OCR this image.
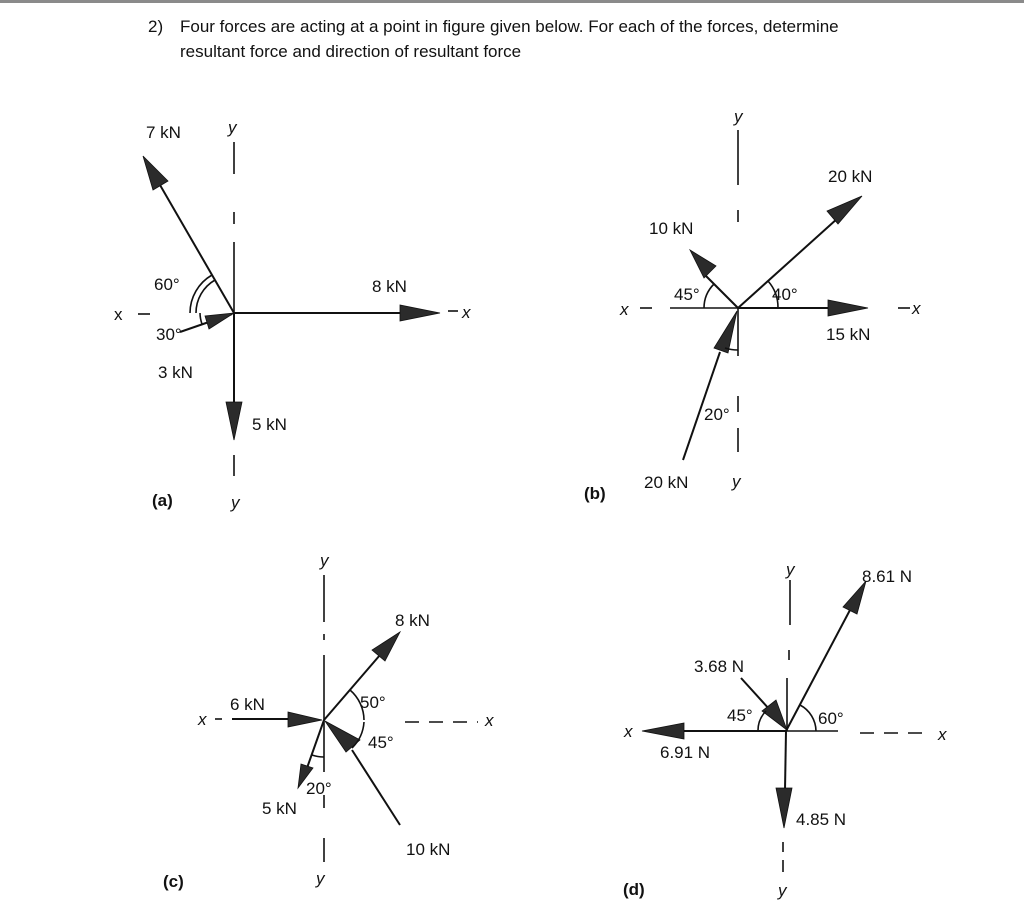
2) Four forces are acting at a point in figure given below. For each of the forces, determine
resultant force and direction of resultant force
y
y
x	x
7 kN
8 kN
5 kN
3 kN
60°
30°
(a)
y
y
x	x
20 kN
10 kN
15 kN
20 kN
45°	40°
20°
(b)
y
y
x	x
8 kN
6 kN
5 kN
10 kN
50°
45°
20°
(c)
y
y
x	x
8.61 N
3.68 N
6.91 N
4.85 N
45°	60°
(d)
